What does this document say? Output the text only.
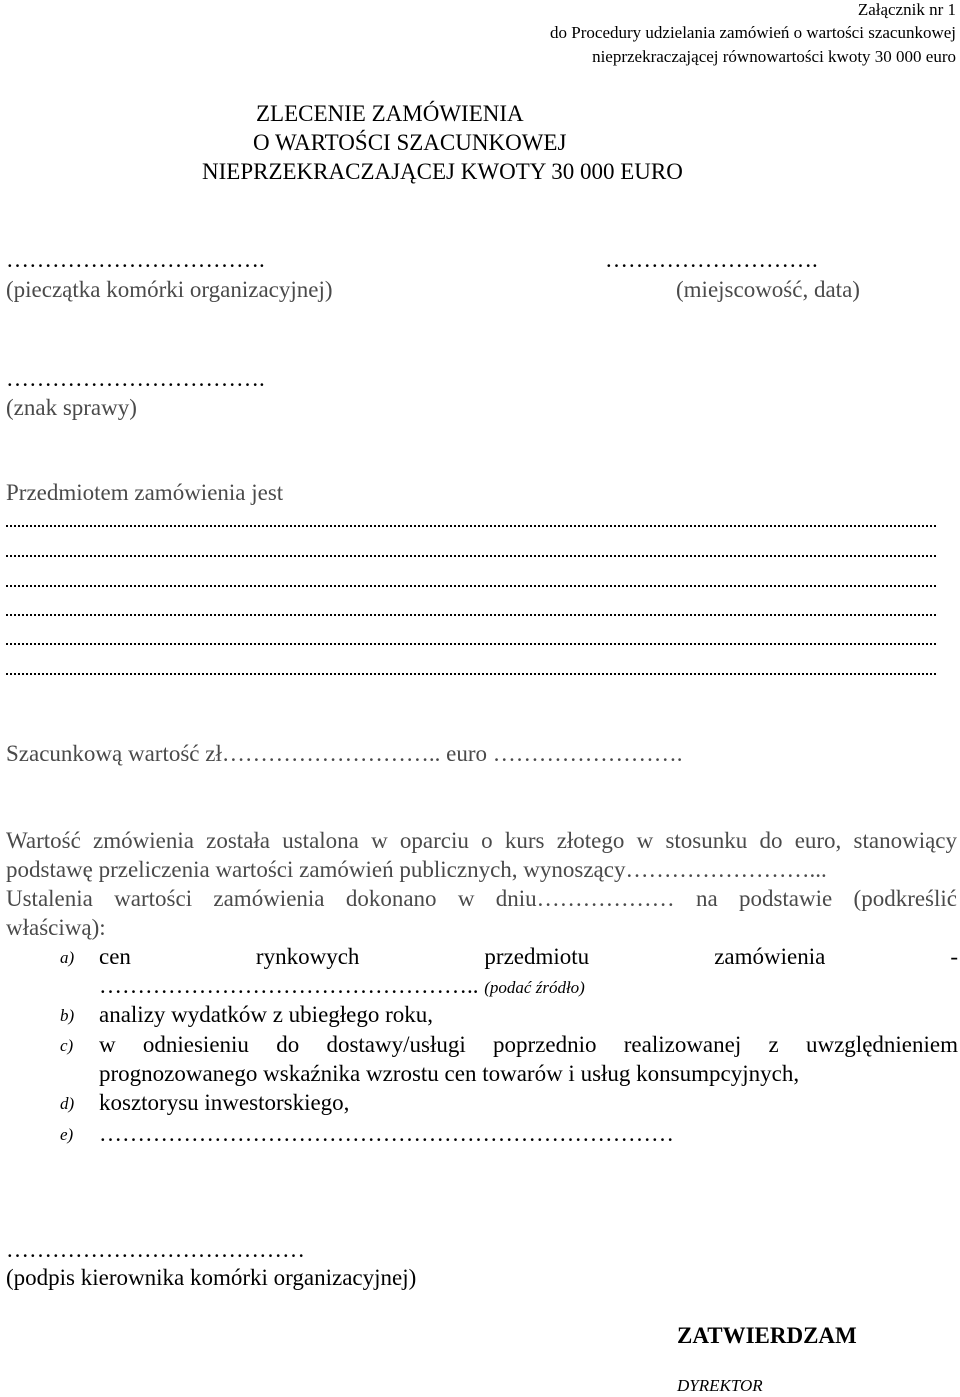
Załącznik nr 1
do Procedury udzielania zamówień o wartości szacunkowej
nieprzekraczającej równowartości kwoty 30 000 euro
ZLECENIE ZAMÓWIENIA
O WARTOŚCI SZACUNKOWEJ
NIEPRZEKRACZAJĄCEJ KWOTY 30 000 EURO
…………………………….
(pieczątka komórki organizacyjnej)
……………………….
(miejscowość, data)
…………………………….
(znak sprawy)
Przedmiotem zamówienia jest
Szacunkową wartość zł……………………….. euro …………………….
Wartość zmówienia została ustalona w oparciu o kurs złotego w stosunku do euro, stanowiący
podstawę przeliczenia wartości zamówień publicznych, wynoszący……………………...
Ustalenia wartości zamówienia dokonano w dniu……………… na podstawie (podkreślić
właściwą):
a) cen rynkowych przedmiotu zamówienia -
………………………………………….. (podać źródło)
b) analizy wydatków z ubiegłego roku,
c) w odniesieniu do dostawy/usługi poprzednio realizowanej z uwzględnieniem
prognozowanego wskaźnika wzrostu cen towarów i usług konsumpcyjnych,
d) kosztorysu inwestorskiego,
e) …………………………………………………………………
…………………………………
(podpis kierownika komórki organizacyjnej)
ZATWIERDZAM
DYREKTOR
